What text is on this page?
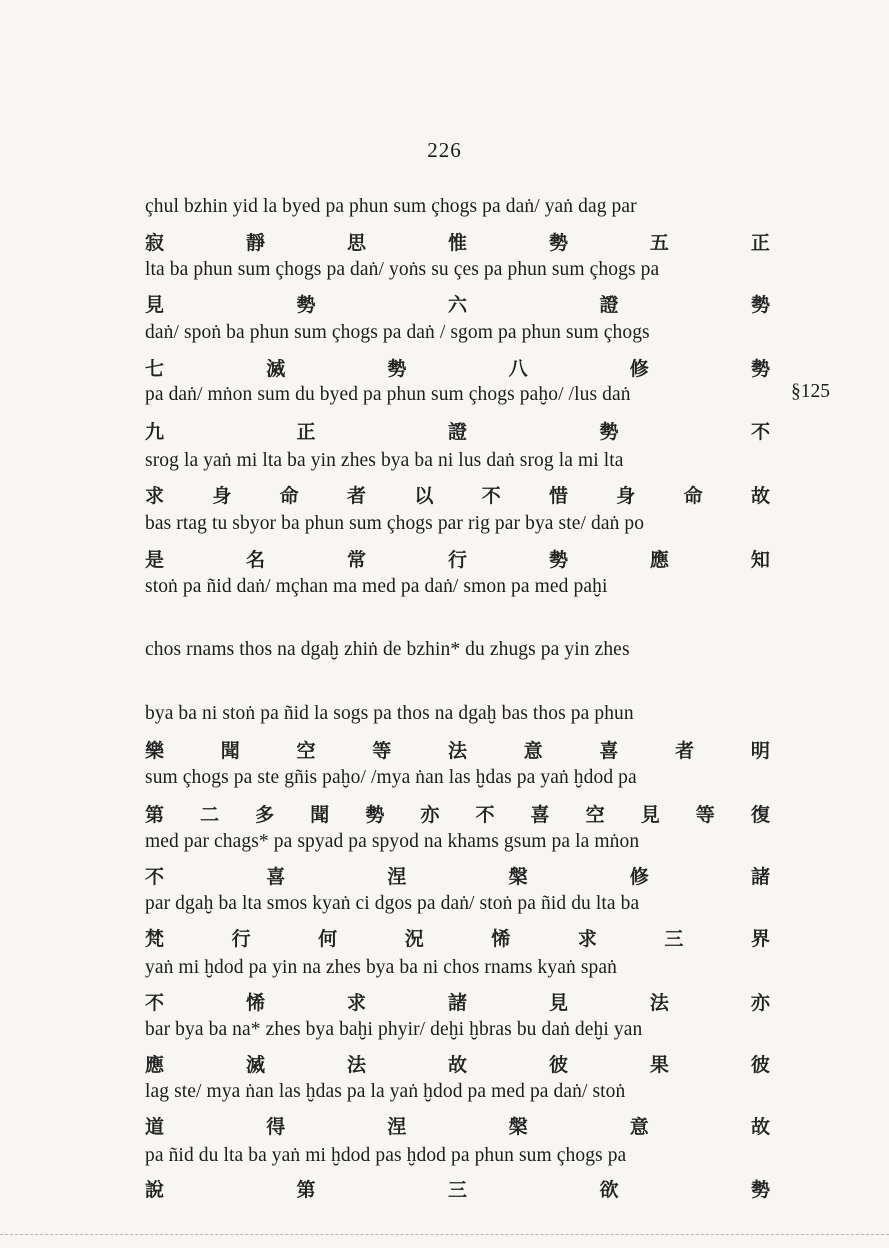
226
§125
çhul bzhin yid la byed pa phun sum çhogs pa daṅ/ yaṅ dag par
寂	靜	思	惟	勢	五	正
lta ba phun sum çhogs pa daṅ/ yoṅs su çes pa phun sum çhogs pa
見	勢	六	證	勢
daṅ/ spoṅ ba phun sum çhogs pa daṅ / sgom pa phun sum çhogs
七	滅	勢	八	修	勢
pa daṅ/ mṅon sum du byed pa phun sum çhogs paḫo/ /lus daṅ
九	正	證	勢	不
srog la yaṅ mi lta ba yin zhes bya ba ni lus daṅ srog la mi lta
求	身	命	者	以	不	惜	身	命	故
bas rtag tu sbyor ba phun sum çhogs par rig par bya ste/ daṅ po
是	名	常	行	勢	應	知
stoṅ pa ñid daṅ/ mçhan ma med pa daṅ/ smon pa med paḫi
chos rnams thos na dgaḫ zhiṅ de bzhin* du zhugs pa yin zhes
bya ba ni stoṅ pa ñid la sogs pa thos na dgaḫ bas thos pa phun
樂	聞	空	等	法	意	喜	者	明
sum çhogs pa ste gñis paḫo/ /mya ṅan las ḫdas pa yaṅ ḫdod pa
第 二 多 聞 勢 亦 不 喜 空 見 等 復
med par chags* pa spyad pa spyod na khams gsum pa la mṅon
不	喜	涅	槃	修	諸
par dgaḫ ba lta smos kyaṅ ci dgos pa daṅ/ stoṅ pa ñid du lta ba
梵	行	何	況	悕	求	三	界
yaṅ mi ḫdod pa yin na zhes bya ba ni chos rnams kyaṅ spaṅ
不	悕	求	諸	見	法	亦
bar bya ba na* zhes bya baḫi phyir/ deḫi ḫbras bu daṅ deḫi yan
應	滅	法	故	彼	果	彼
lag ste/ mya ṅan las ḫdas pa la yaṅ ḫdod pa med pa daṅ/ stoṅ
道	得	涅	槃	意	故
pa ñid du lta ba yaṅ mi ḫdod pas ḫdod pa phun sum çhogs pa
說	第	三	欲	勢
